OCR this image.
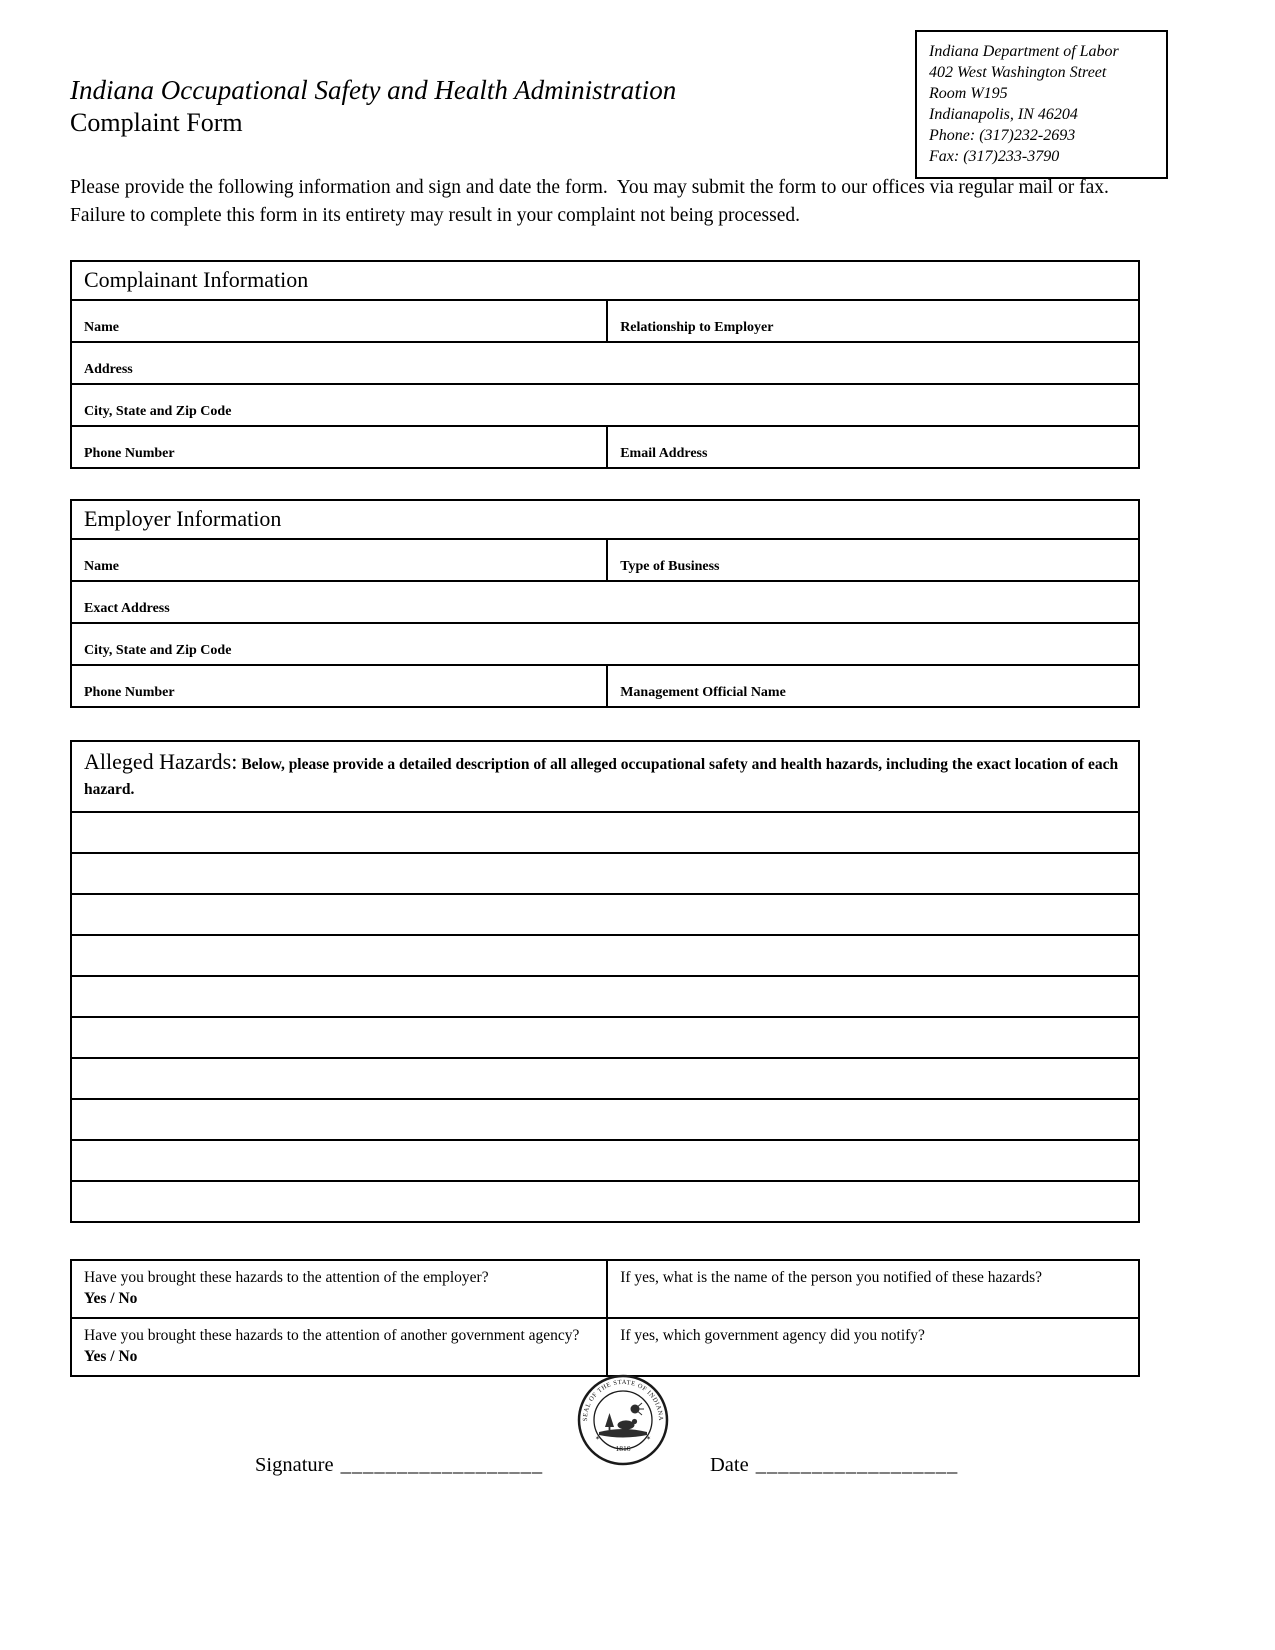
Indiana Department of Labor
402 West Washington Street
Room W195
Indianapolis, IN 46204
Phone: (317)232-2693
Fax: (317)233-3790
Indiana Occupational Safety and Health Administration
Complaint Form

Please provide the following information and sign and date the form.  You may submit the form to our offices via regular mail or fax.  Failure to complete this form in its entirety may result in your complaint not being processed.

Complainant Information
Name	Relationship to Employer
Address
City, State and Zip Code
Phone Number	Email Address
Employer Information
Name	Type of Business
Exact Address
City, State and Zip Code
Phone Number	Management Official Name
Alleged Hazards: Below, please provide a detailed description of all alleged occupational safety and health hazards, including the exact location of each hazard.
Have you brought these hazards to the attention of the employer?
Yes / No
If yes, what is the name of the person you notified of these hazards?
Have you brought these hazards to the attention of another government agency?
Yes / No
If yes, which government agency did you notify?
SEAL OF THE STATE OF INDIANA
1816
✶	✶
Signature __________________	Date __________________
